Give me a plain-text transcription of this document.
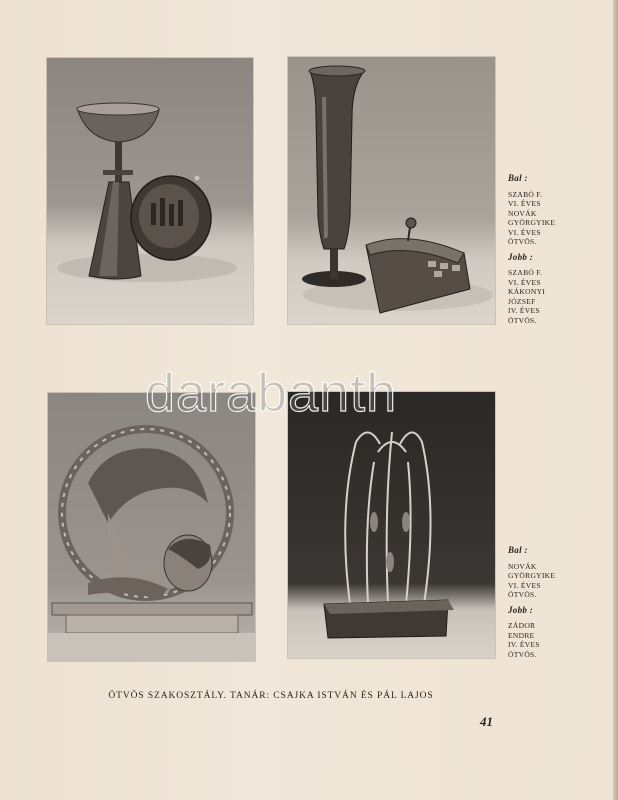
Bal :
SZABÓ F.
VI. ÉVES
NOVÁK
GYÖRGYIKE
VI. ÉVES
ÖTVÖS.
Jobb :
SZABÓ F.
VI. ÉVES
KÁKONYI
JÓZSEF
IV. ÉVES
ÖTVÖS.
Bal :
NOVÁK
GYÖRGYIKE
VI. ÉVES
ÖTVÖS.
Jobb :
ZÁDOR
ENDRE
IV. ÉVES
ÖTVÖS.
ÖTVÖS SZAKOSZTÁLY. TANÁR: CSAJKA ISTVÁN ÉS PÁL LAJOS
41
darabanth
